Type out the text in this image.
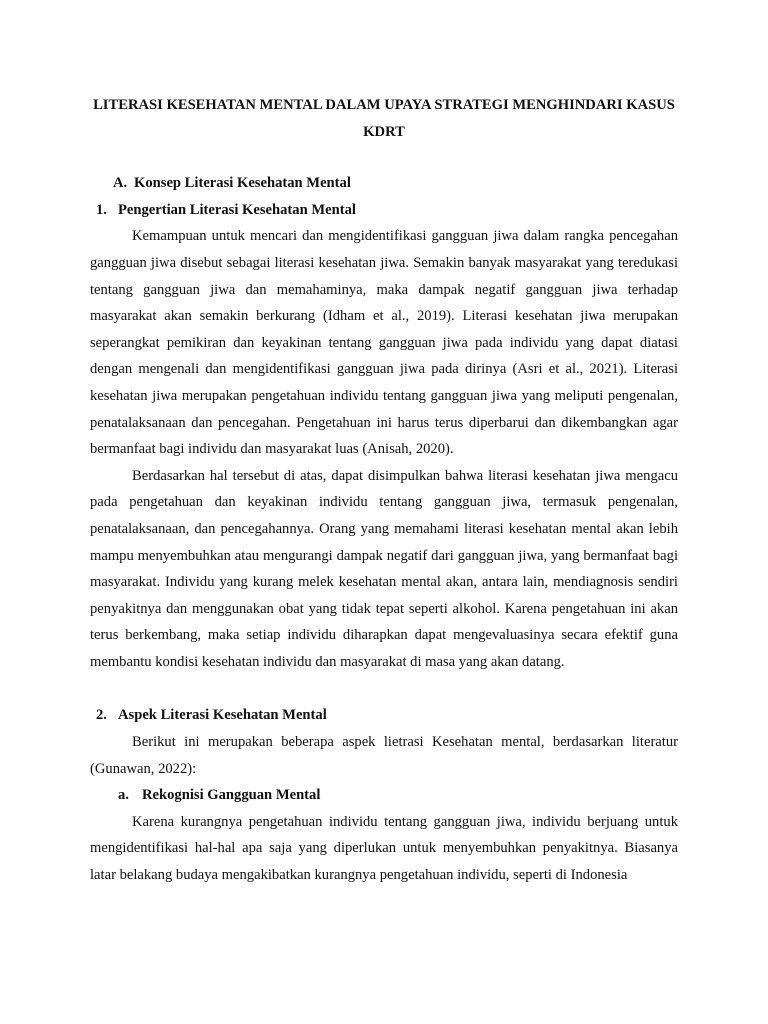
LITERASI KESEHATAN MENTAL DALAM UPAYA STRATEGI MENGHINDARI KASUS KDRT
A. Konsep Literasi Kesehatan Mental
1. Pengertian Literasi Kesehatan Mental

Kemampuan untuk mencari dan mengidentifikasi gangguan jiwa dalam rangka pencegahan gangguan jiwa disebut sebagai literasi kesehatan jiwa. Semakin banyak masyarakat yang teredukasi tentang gangguan jiwa dan memahaminya, maka dampak negatif gangguan jiwa terhadap masyarakat akan semakin berkurang (Idham et al., 2019). Literasi kesehatan jiwa merupakan seperangkat pemikiran dan keyakinan tentang gangguan jiwa pada individu yang dapat diatasi dengan mengenali dan mengidentifikasi gangguan jiwa pada dirinya (Asri et al., 2021). Literasi kesehatan jiwa merupakan pengetahuan individu tentang gangguan jiwa yang meliputi pengenalan, penatalaksanaan dan pencegahan. Pengetahuan ini harus terus diperbarui dan dikembangkan agar bermanfaat bagi individu dan masyarakat luas (Anisah, 2020).

Berdasarkan hal tersebut di atas, dapat disimpulkan bahwa literasi kesehatan jiwa mengacu pada pengetahuan dan keyakinan individu tentang gangguan jiwa, termasuk pengenalan, penatalaksanaan, dan pencegahannya. Orang yang memahami literasi kesehatan mental akan lebih mampu menyembuhkan atau mengurangi dampak negatif dari gangguan jiwa, yang bermanfaat bagi masyarakat. Individu yang kurang melek kesehatan mental akan, antara lain, mendiagnosis sendiri penyakitnya dan menggunakan obat yang tidak tepat seperti alkohol. Karena pengetahuan ini akan terus berkembang, maka setiap individu diharapkan dapat mengevaluasinya secara efektif guna membantu kondisi kesehatan individu dan masyarakat di masa yang akan datang.

2. Aspek Literasi Kesehatan Mental

Berikut ini merupakan beberapa aspek lietrasi Kesehatan mental, berdasarkan literatur (Gunawan, 2022):

a. Rekognisi Gangguan Mental

Karena kurangnya pengetahuan individu tentang gangguan jiwa, individu berjuang untuk mengidentifikasi hal-hal apa saja yang diperlukan untuk menyembuhkan penyakitnya. Biasanya latar belakang budaya mengakibatkan kurangnya pengetahuan individu, seperti di Indonesia
